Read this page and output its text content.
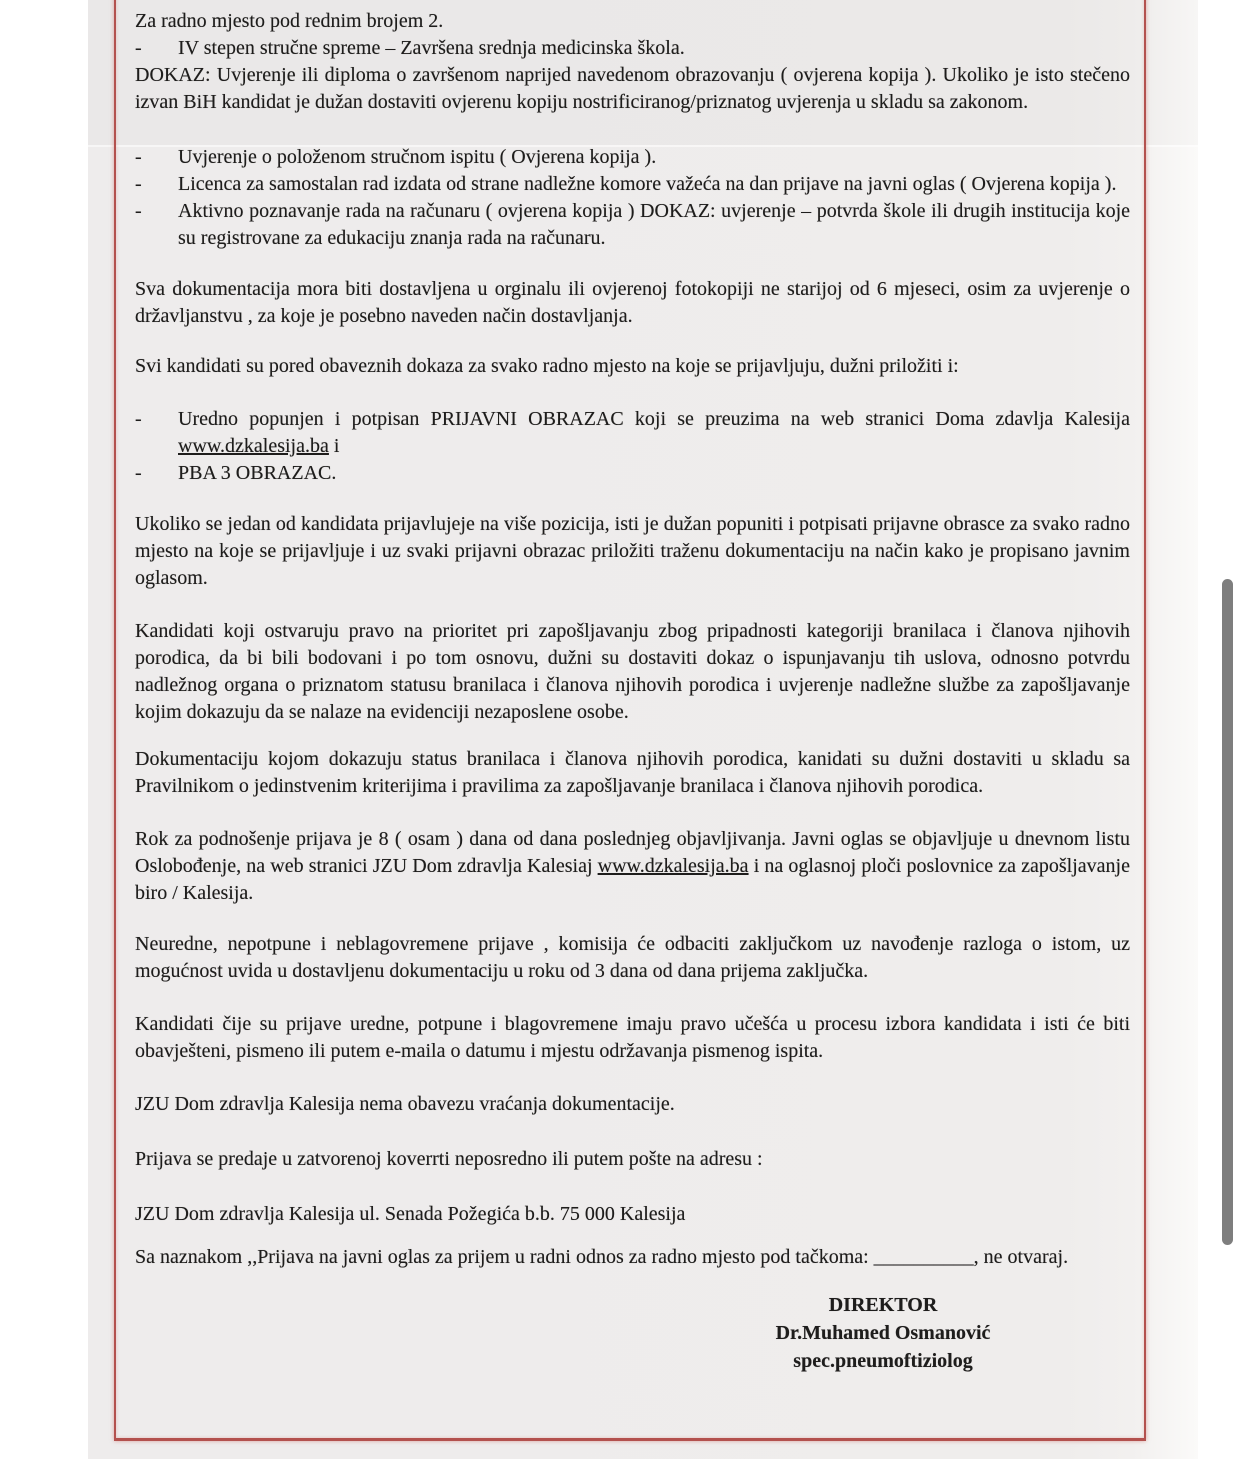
Za radno mjesto pod rednim brojem 2.

-	IV stepen stručne spreme – Završena srednja medicinska škola.

DOKAZ: Uvjerenje ili diploma o završenom naprijed navedenom obrazovanju ( ovjerena kopija ). Ukoliko je isto stečeno izvan BiH kandidat je dužan dostaviti ovjerenu kopiju nostrificiranog/priznatog uvjerenja u skladu sa zakonom.

-	Uvjerenje o položenom stručnom ispitu ( Ovjerena kopija ).
-	Licenca za samostalan rad izdata od strane nadležne komore važeća na dan prijave na javni oglas ( Ovjerena kopija ).
-	Aktivno poznavanje rada na računaru ( ovjerena kopija ) DOKAZ: uvjerenje – potvrda škole ili drugih institucija koje su registrovane za edukaciju znanja rada na računaru.

Sva dokumentacija mora biti dostavljena u orginalu ili ovjerenoj fotokopiji ne starijoj od 6 mjeseci, osim za uvjerenje o državljanstvu , za koje je posebno naveden način dostavljanja.

Svi kandidati su pored obaveznih dokaza za svako radno mjesto na koje se prijavljuju, dužni priložiti i:

-	Uredno popunjen i potpisan PRIJAVNI OBRAZAC koji se preuzima na web stranici Doma zdavlja Kalesija www.dzkalesija.ba i
-	PBA 3 OBRAZAC.

Ukoliko se jedan od kandidata prijavlujeje na više pozicija, isti je dužan popuniti i potpisati prijavne obrasce za svako radno mjesto na koje se prijavljuje i uz svaki prijavni obrazac priložiti traženu dokumentaciju na način kako je propisano javnim oglasom.

Kandidati koji ostvaruju pravo na prioritet pri zapošljavanju zbog pripadnosti kategoriji branilaca i članova njihovih porodica, da bi bili bodovani i po tom osnovu, dužni su dostaviti dokaz o ispunjavanju tih uslova, odnosno potvrdu nadležnog organa o priznatom statusu branilaca i članova njihovih porodica i uvjerenje nadležne službe za zapošljavanje kojim dokazuju da se nalaze na evidenciji nezaposlene osobe.

Dokumentaciju kojom dokazuju status branilaca i članova njihovih porodica, kanidati su dužni dostaviti u skladu sa Pravilnikom o jedinstvenim kriterijima i pravilima za zapošljavanje branilaca i članova njihovih porodica.

Rok za podnošenje prijava je 8 ( osam ) dana od dana poslednjeg objavljivanja. Javni oglas se objavljuje u dnevnom listu Oslobođenje, na web stranici JZU Dom zdravlja Kalesiaj www.dzkalesija.ba i na oglasnoj ploči poslovnice za zapošljavanje biro / Kalesija.

Neuredne, nepotpune i neblagovremene prijave , komisija će odbaciti zaključkom uz navođenje razloga o istom, uz mogućnost uvida u dostavljenu dokumentaciju u roku od 3 dana od dana prijema zaključka.

Kandidati čije su prijave uredne, potpune i blagovremene imaju pravo učešća u procesu izbora kandidata i isti će biti obavješteni, pismeno ili putem e-maila o datumu i mjestu održavanja pismenog ispita.

JZU Dom zdravlja Kalesija nema obavezu vraćanja dokumentacije.

Prijava se predaje u zatvorenoj koverrti neposredno ili putem pošte na adresu :

JZU Dom zdravlja Kalesija ul. Senada Požegića b.b. 75 000 Kalesija

Sa naznakom ,,Prijava na javni oglas za prijem u radni odnos za radno mjesto pod tačkoma: __________, ne otvaraj.

DIREKTOR
Dr.Muhamed Osmanović
spec.pneumoftiziolog
